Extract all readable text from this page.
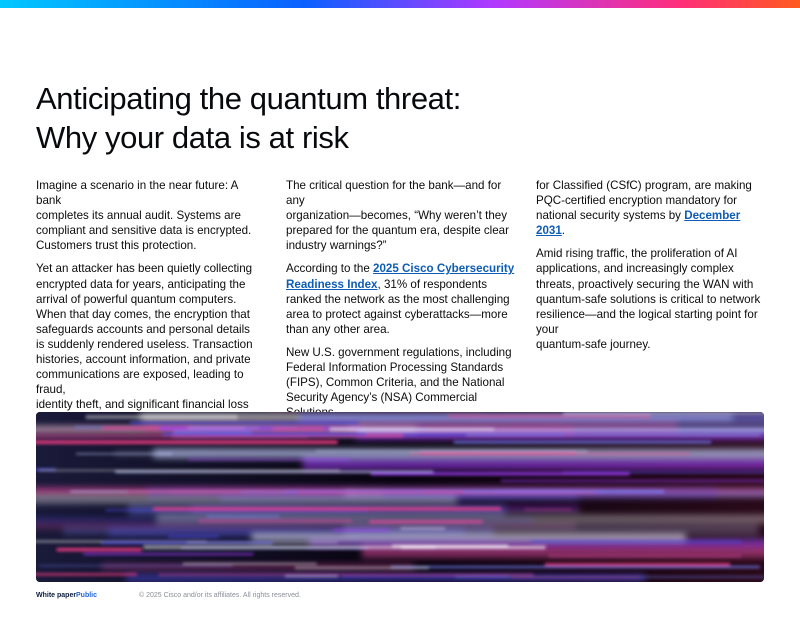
Anticipating the quantum threat:
Why your data is at risk

Imagine a scenario in the near future: A bank
completes its annual audit. Systems are
compliant and sensitive data is encrypted.
Customers trust this protection.

Yet an attacker has been quietly collecting
encrypted data for years, anticipating the
arrival of powerful quantum computers.
When that day comes, the encryption that
safeguards accounts and personal details
is suddenly rendered useless. Transaction
histories, account information, and private
communications are exposed, leading to fraud,
identity theft, and significant financial loss

The critical question for the bank—and for any
organization—becomes, “Why weren’t they
prepared for the quantum era, despite clear
industry warnings?”

According to the 2025 Cisco Cybersecurity Readiness Index, 31% of respondents ranked the network as the most challenging area to protect against cyberattacks—more than any other area.

New U.S. government regulations, including
Federal Information Processing Standards
(FIPS), Common Criteria, and the National
Security Agency’s (NSA) Commercial

for Classified (CSfC) program, are making
PQC-certified encryption mandatory for
national security systems by December 2031.

Amid rising traffic, the proliferation of AI
applications, and increasingly complex
threats, proactively securing the WAN with
quantum-safe solutions is critical to network
resilience—and the logical starting point for your
quantum-safe journey.

White paper Public	© 2025 Cisco and/or its affiliates. All rights reserved.
